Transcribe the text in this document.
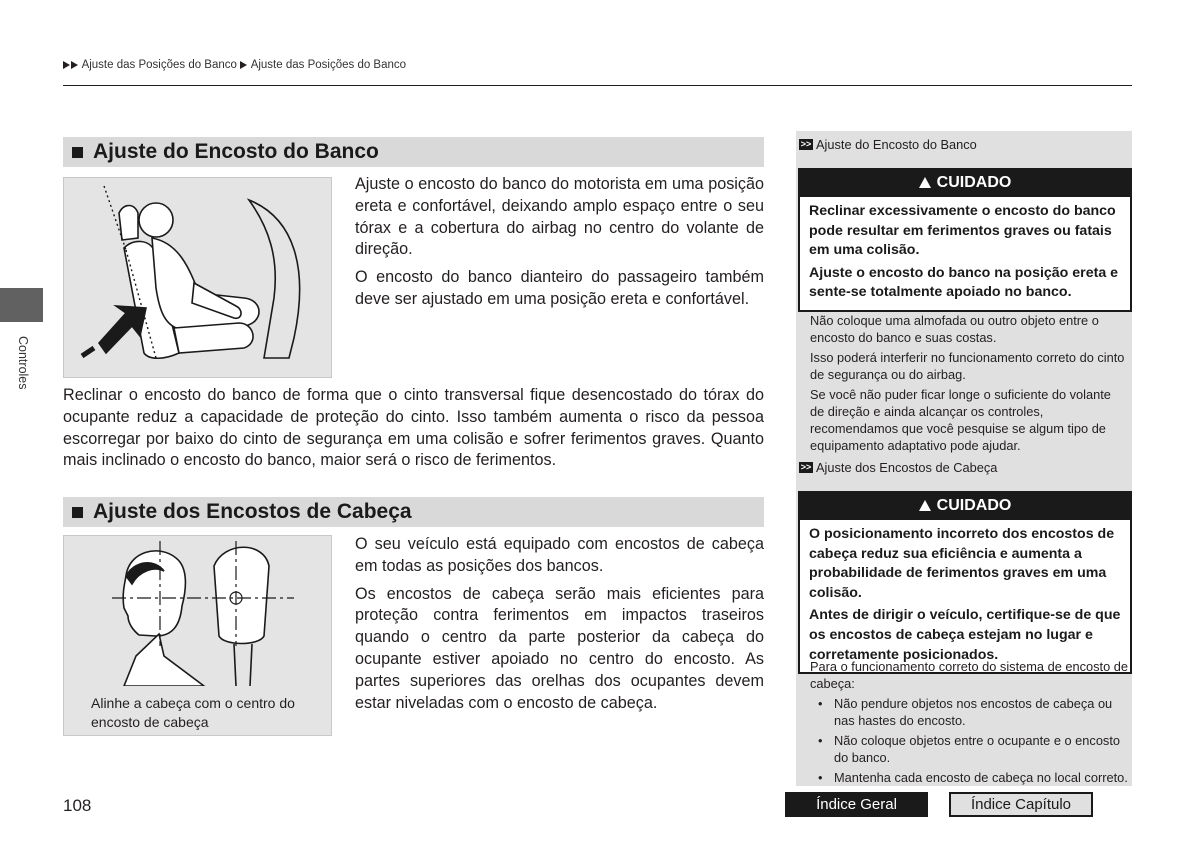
Ajuste das Posições do Banco Ajuste das Posições do Banco
Controles
Ajuste do Encosto do Banco

Ajuste o encosto do banco do motorista em uma posição ereta e confortável, deixando amplo espaço entre o seu tórax e a cobertura do airbag no centro do volante de direção.

O encosto do banco dianteiro do passageiro também deve ser ajustado em uma posição ereta e confortável.

Reclinar o encosto do banco de forma que o cinto transversal fique desencostado do tórax do ocupante reduz a capacidade de proteção do cinto. Isso também aumenta o risco da pessoa escorregar por baixo do cinto de segurança em uma colisão e sofrer ferimentos graves. Quanto mais inclinado o encosto do banco, maior será o risco de ferimentos.

Ajuste dos Encostos de Cabeça
Alinhe a cabeça com o centro do encosto de cabeça

O seu veículo está equipado com encostos de cabeça em todas as posições dos bancos.

Os encostos de cabeça serão mais eficientes para proteção contra ferimentos em impactos traseiros quando o centro da parte posterior da cabeça do ocupante estiver apoiado no centro do encosto. As partes superiores das orelhas dos ocupantes devem estar niveladas com o encosto de cabeça.

>> Ajuste do Encosto do Banco
CUIDADO

Reclinar excessivamente o encosto do banco pode resultar em ferimentos graves ou fatais em uma colisão.

Ajuste o encosto do banco na posição ereta e sente-se totalmente apoiado no banco.

Não coloque uma almofada ou outro objeto entre o encosto do banco e suas costas.

Isso poderá interferir no funcionamento correto do cinto de segurança ou do airbag.

Se você não puder ficar longe o suficiente do volante de direção e ainda alcançar os controles, recomendamos que você pesquise se algum tipo de equipamento adaptativo pode ajudar.

>> Ajuste dos Encostos de Cabeça
CUIDADO

O posicionamento incorreto dos encostos de cabeça reduz sua eficiência e aumenta a probabilidade de ferimentos graves em uma colisão.

Antes de dirigir o veículo, certifique-se de que os encostos de cabeça estejam no lugar e corretamente posicionados.

Para o funcionamento correto do sistema de encosto de cabeça:

• Não pendure objetos nos encostos de cabeça ou nas hastes do encosto.
• Não coloque objetos entre o ocupante e o encosto do banco.
• Mantenha cada encosto de cabeça no local correto.
108	Índice Geral	Índice Capítulo
